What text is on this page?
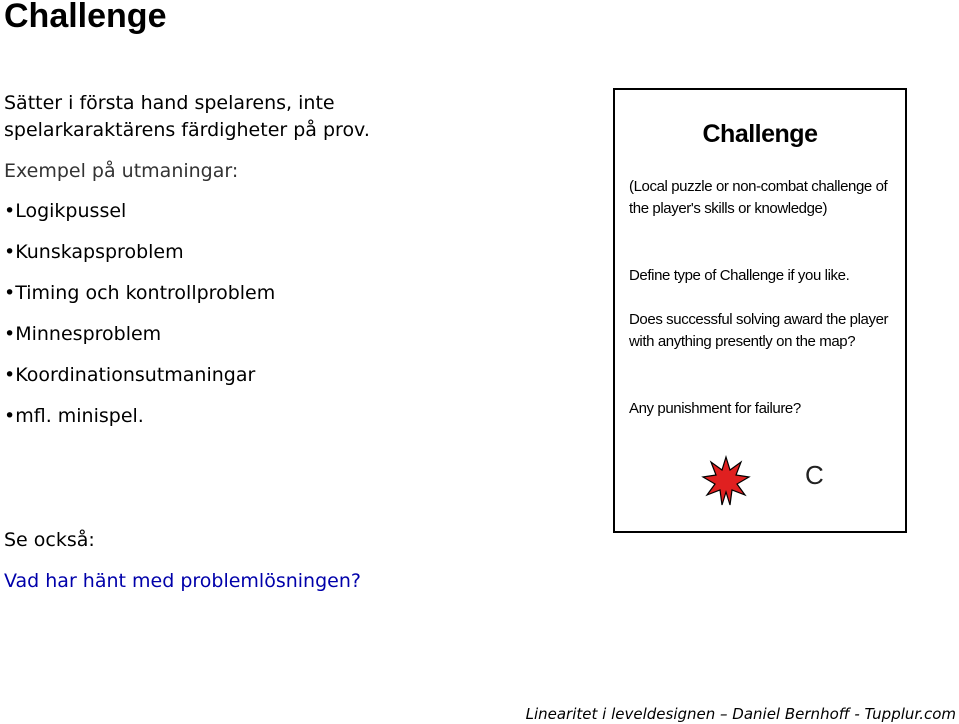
Challenge
Sätter i första hand spelarens, inte spelarkaraktärens färdigheter på prov.
Exempel på utmaningar:
• Logikpussel
• Kunskapsproblem
• Timing och kontrollproblem
• Minnesproblem
• Koordinationsutmaningar
• mfl. minispel.
Se också:
Vad har hänt med problemlösningen?
Challenge
(Local puzzle or non-combat challenge of the player's skills or knowledge)
Define type of Challenge if you like.
Does successful solving award the player with anything presently on the map?
Any punishment for failure?
C
Linearitet i leveldesignen – Daniel Bernhoff - Tupplur.com
